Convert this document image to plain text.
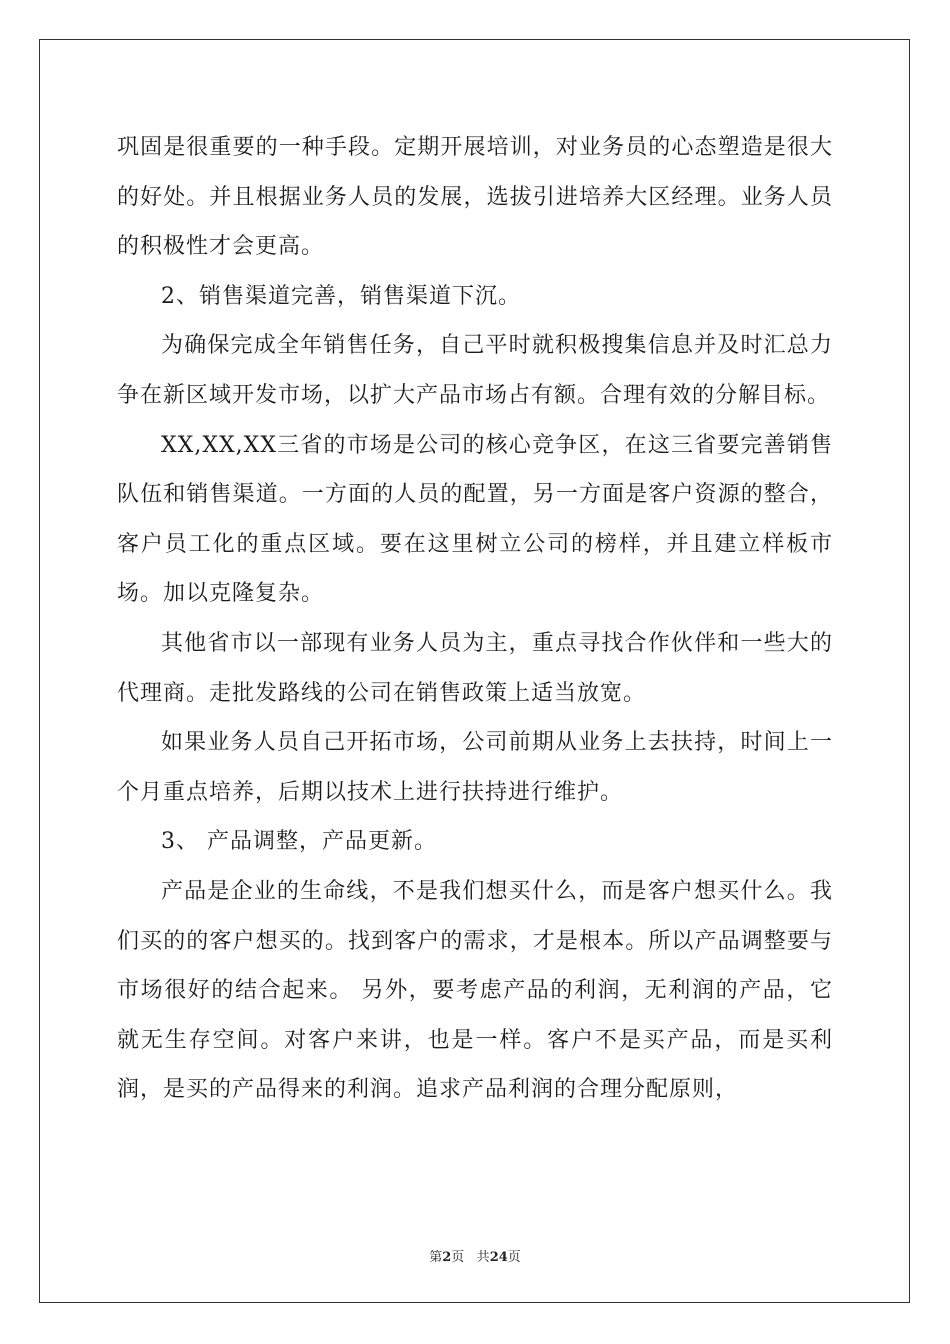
巩固是很重要的一种手段。定期开展培训，对业务员的心态塑造是很大的好处。并且根据业务人员的发展，选拔引进培养大区经理。业务人员的积极性才会更高。

2、销售渠道完善，销售渠道下沉。

为确保完成全年销售任务，自己平时就积极搜集信息并及时汇总力争在新区域开发市场，以扩大产品市场占有额。合理有效的分解目标。

XX,XX,XX三省的市场是公司的核心竞争区，在这三省要完善销售队伍和销售渠道。一方面的人员的配置，另一方面是客户资源的整合，客户员工化的重点区域。要在这里树立公司的榜样，并且建立样板市场。加以克隆复杂。

其他省市以一部现有业务人员为主，重点寻找合作伙伴和一些大的代理商。走批发路线的公司在销售政策上适当放宽。

如果业务人员自己开拓市场，公司前期从业务上去扶持，时间上一个月重点培养，后期以技术上进行扶持进行维护。

3、 产品调整，产品更新。

产品是企业的生命线，不是我们想买什么，而是客户想买什么。我们买的的客户想买的。找到客户的需求，才是根本。所以产品调整要与市场很好的结合起来。 另外，要考虑产品的利润，无利润的产品，它就无生存空间。对客户来讲，也是一样。客户不是买产品，而是买利润，是买的产品得来的利润。追求产品利润的合理分配原则，

第2页 共24页
